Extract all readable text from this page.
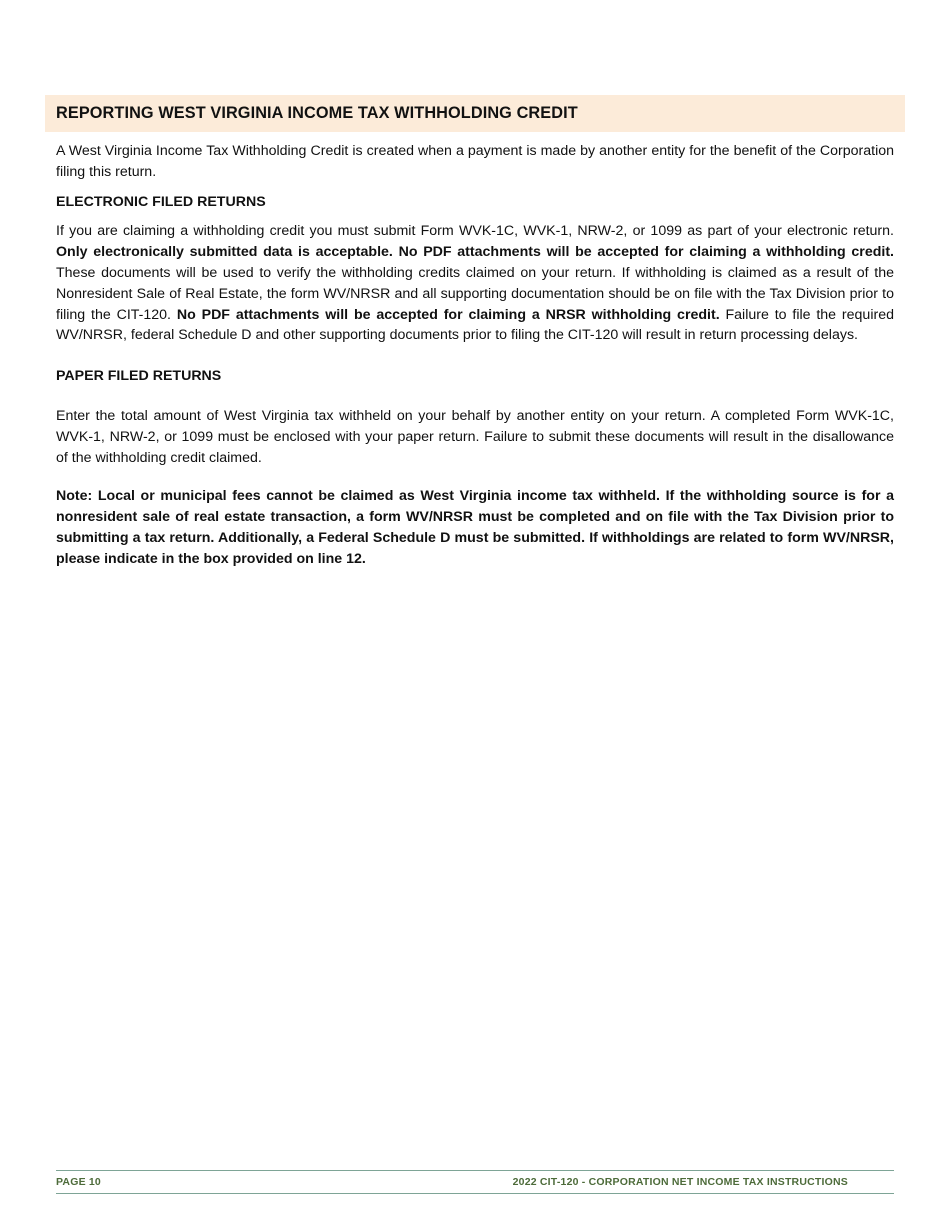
REPORTING WEST VIRGINIA INCOME TAX WITHHOLDING CREDIT

A West Virginia Income Tax Withholding Credit is created when a payment is made by another entity for the benefit of the Corporation filing this return.

ELECTRONIC FILED RETURNS

If you are claiming a withholding credit you must submit Form WVK-1C, WVK-1, NRW-2, or 1099 as part of your electronic return. Only electronically submitted data is acceptable. No PDF attachments will be accepted for claiming a withholding credit. These documents will be used to verify the withholding credits claimed on your return. If withholding is claimed as a result of the Nonresident Sale of Real Estate, the form WV/NRSR and all supporting documentation should be on file with the Tax Division prior to filing the CIT-120. No PDF attachments will be accepted for claiming a NRSR withholding credit. Failure to file the required WV/NRSR, federal Schedule D and other supporting documents prior to filing the CIT-120 will result in return processing delays.

PAPER FILED RETURNS

Enter the total amount of West Virginia tax withheld on your behalf by another entity on your return. A completed Form WVK-1C, WVK-1, NRW-2, or 1099 must be enclosed with your paper return. Failure to submit these documents will result in the disallowance of the withholding credit claimed.

Note: Local or municipal fees cannot be claimed as West Virginia income tax withheld. If the withholding source is for a nonresident sale of real estate transaction, a form WV/NRSR must be completed and on file with the Tax Division prior to submitting a tax return. Additionally, a Federal Schedule D must be submitted. If withholdings are related to form WV/NRSR, please indicate in the box provided on line 12.

PAGE 10	2022 CIT-120 - CORPORATION NET INCOME TAX INSTRUCTIONS
